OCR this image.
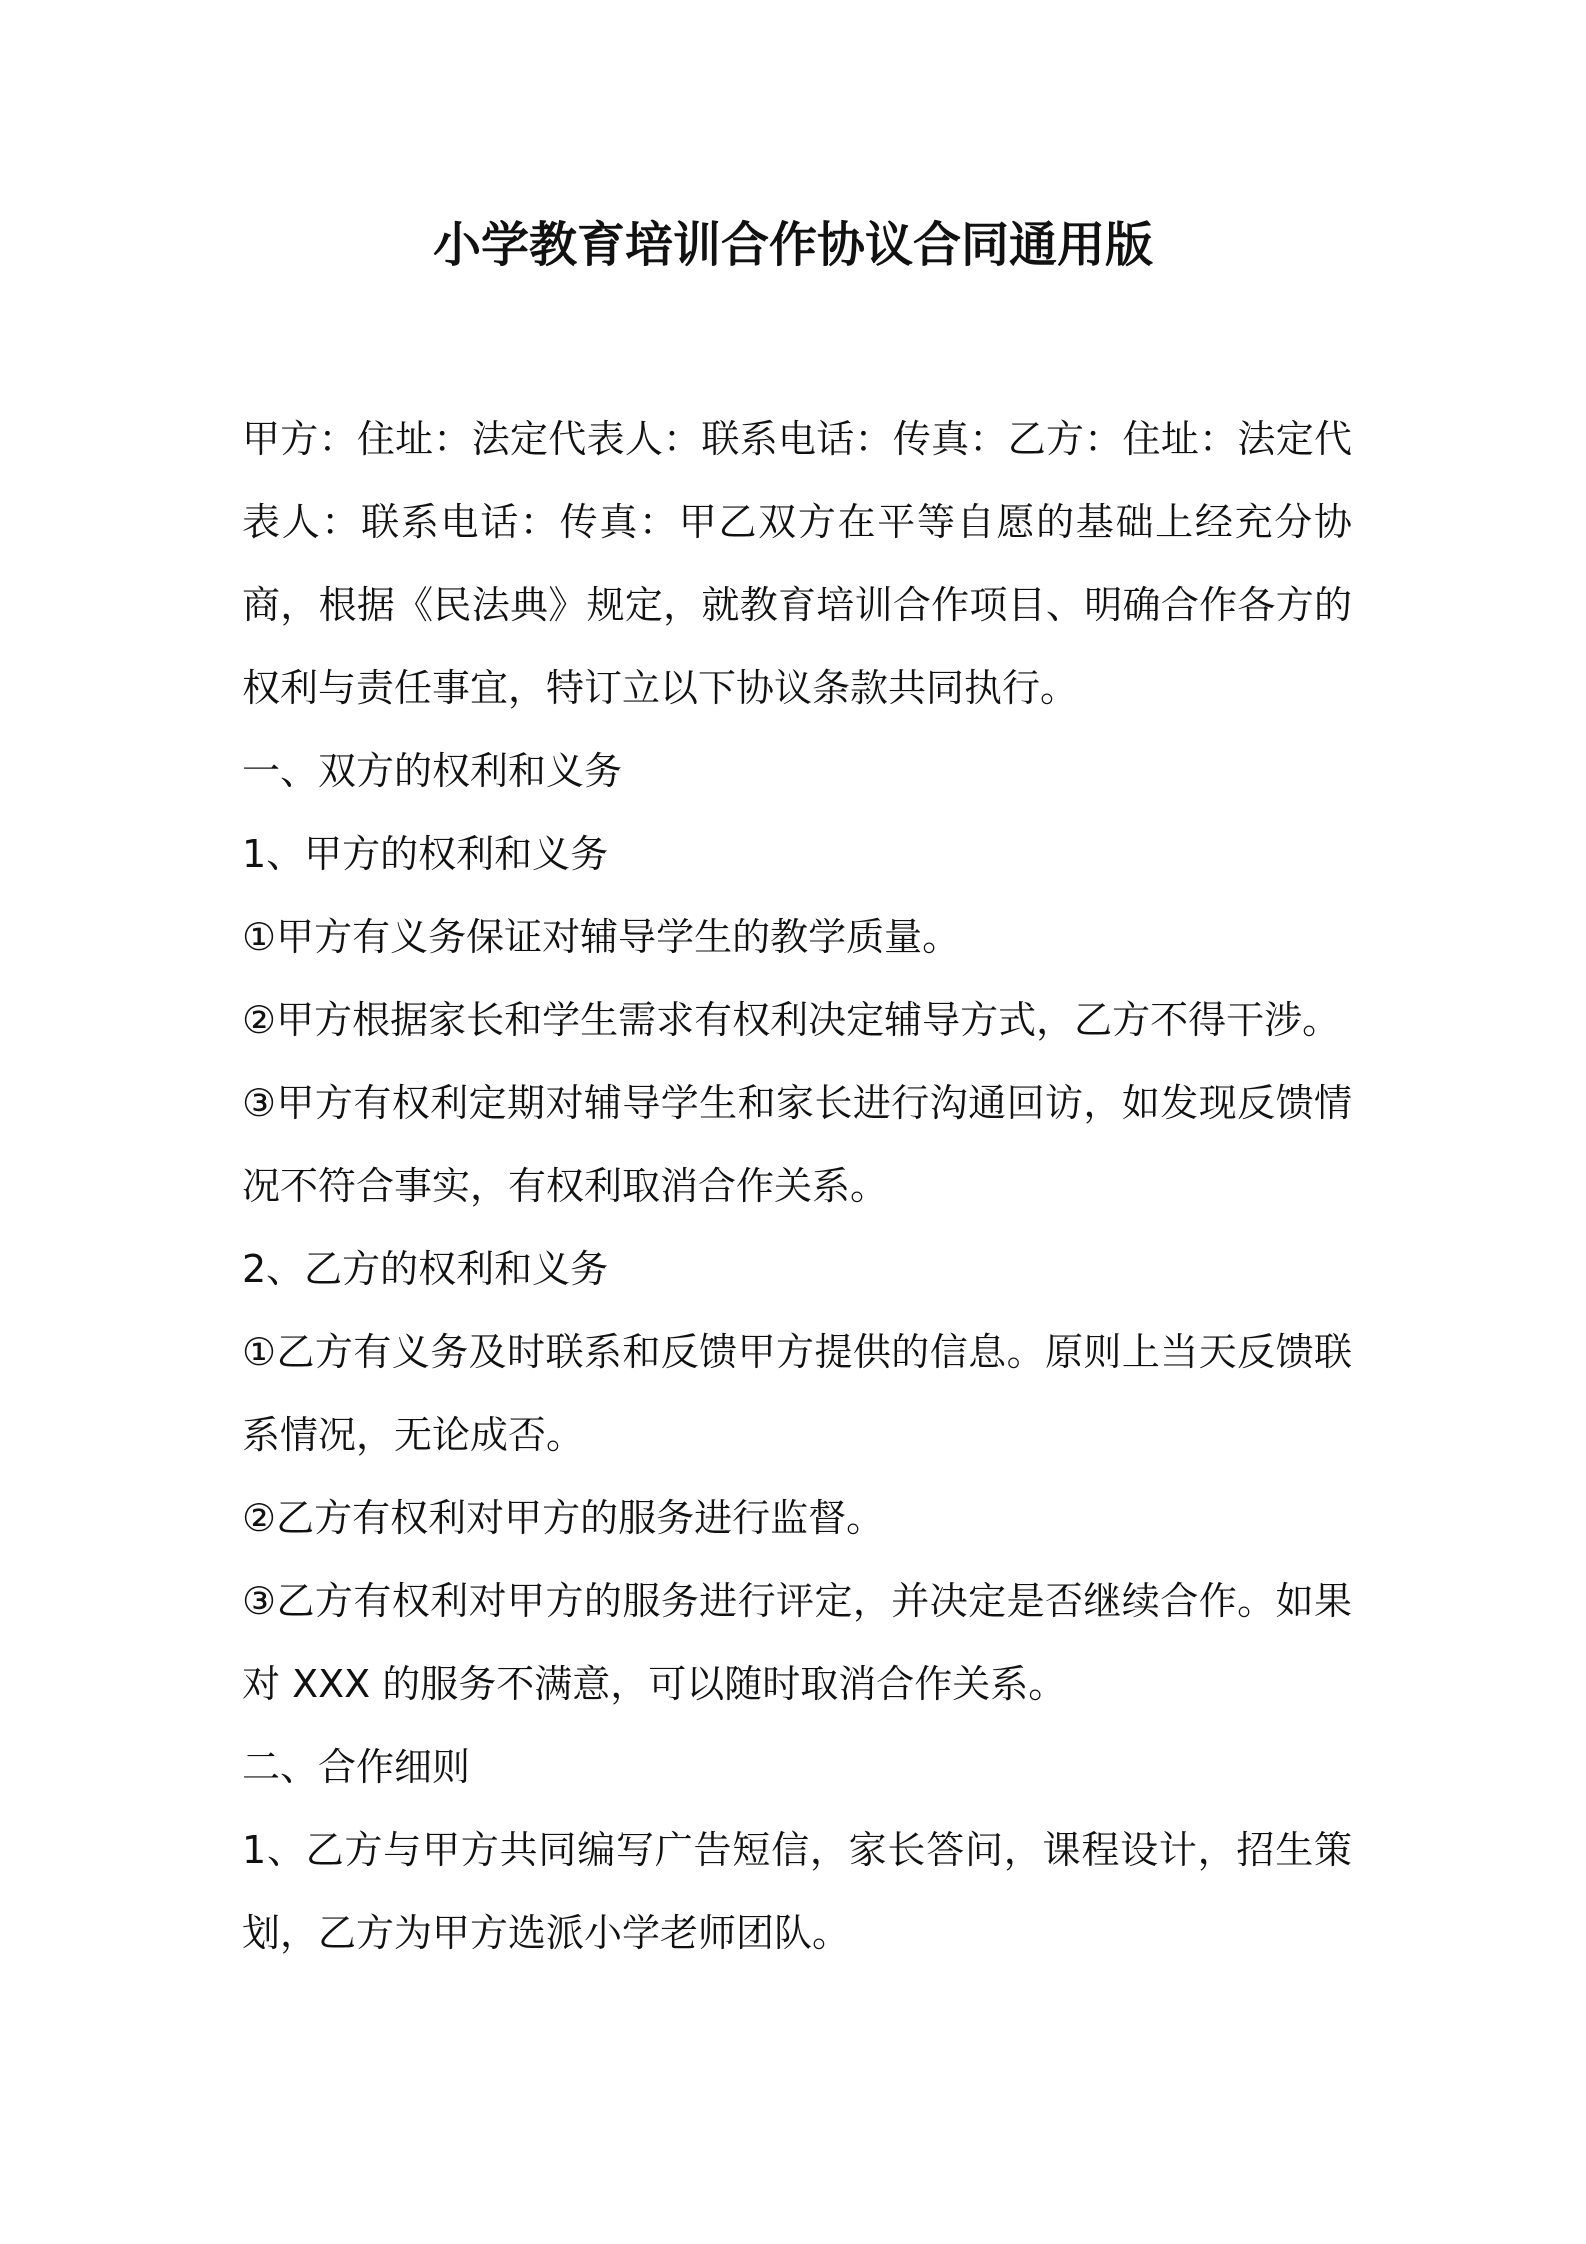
小学教育培训合作协议合同通用版

甲方：住址：法定代表人：联系电话：传真：乙方：住址：法定代表人：联系电话：传真：甲乙双方在平等自愿的基础上经充分协商，根据《民法典》规定，就教育培训合作项目、明确合作各方的权利与责任事宜，特订立以下协议条款共同执行。

一、双方的权利和义务

1、甲方的权利和义务

①甲方有义务保证对辅导学生的教学质量。

②甲方根据家长和学生需求有权利决定辅导方式，乙方不得干涉。

③甲方有权利定期对辅导学生和家长进行沟通回访，如发现反馈情况不符合事实，有权利取消合作关系。

2、乙方的权利和义务

①乙方有义务及时联系和反馈甲方提供的信息。原则上当天反馈联系情况，无论成否。

②乙方有权利对甲方的服务进行监督。

③乙方有权利对甲方的服务进行评定，并决定是否继续合作。如果对 XXX 的服务不满意，可以随时取消合作关系。

二、合作细则

1、乙方与甲方共同编写广告短信，家长答问，课程设计，招生策划，乙方为甲方选派小学老师团队。
